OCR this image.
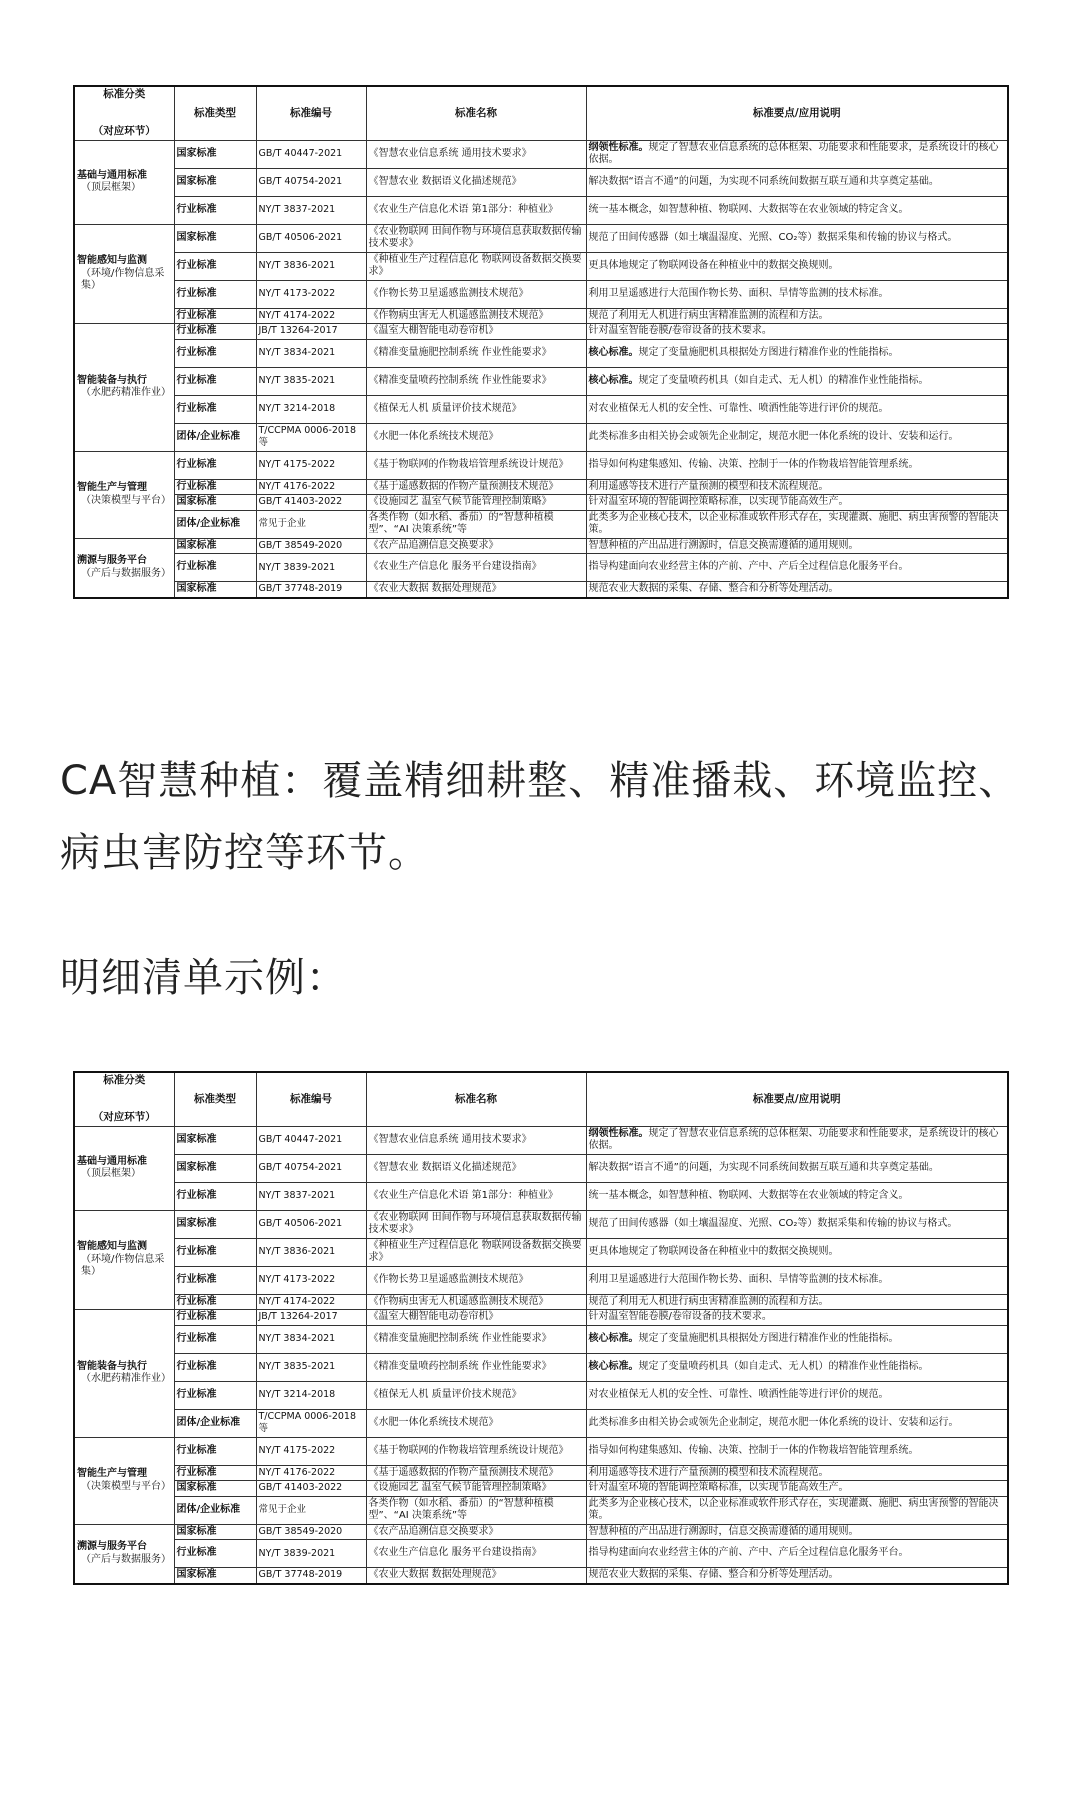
标准分类
（对应环节）	标准类型	标准编号	标准名称	标准要点/应用说明

基础与通用标准
（顶层框架）	国家标准	GB/T 40447-2021	《智慧农业信息系统 通用技术要求》	纲领性标准。规定了智慧农业信息系统的总体框架、功能要求和性能要求，是系统设计的核心依据。
	国家标准	GB/T 40754-2021	《智慧农业 数据语义化描述规范》	解决数据“语言不通”的问题，为实现不同系统间数据互联互通和共享奠定基础。
	行业标准	NY/T 3837-2021	《农业生产信息化术语 第1部分：种植业》	统一基本概念，如智慧种植、物联网、大数据等在农业领域的特定含义。

智能感知与监测
（环境/作物信息采集）	国家标准	GB/T 40506-2021	《农业物联网 田间作物与环境信息获取数据传输技术要求》	规范了田间传感器（如土壤温湿度、光照、CO₂等）数据采集和传输的协议与格式。
	行业标准	NY/T 3836-2021	《种植业生产过程信息化 物联网设备数据交换要求》	更具体地规定了物联网设备在种植业中的数据交换规则。
	行业标准	NY/T 4173-2022	《作物长势卫星遥感监测技术规范》	利用卫星遥感进行大范围作物长势、面积、旱情等监测的技术标准。
	行业标准	NY/T 4174-2022	《作物病虫害无人机遥感监测技术规范》	规范了利用无人机进行病虫害精准监测的流程和方法。

智能装备与执行
（水肥药精准作业）	行业标准	JB/T 13264-2017	《温室大棚智能电动卷帘机》	针对温室智能卷膜/卷帘设备的技术要求。
	行业标准	NY/T 3834-2021	《精准变量施肥控制系统 作业性能要求》	核心标准。规定了变量施肥机具根据处方图进行精准作业的性能指标。
	行业标准	NY/T 3835-2021	《精准变量喷药控制系统 作业性能要求》	核心标准。规定了变量喷药机具（如自走式、无人机）的精准作业性能指标。
	行业标准	NY/T 3214-2018	《植保无人机 质量评价技术规范》	对农业植保无人机的安全性、可靠性、喷洒性能等进行评价的规范。
	团体/企业标准	T/CCPMA 0006-2018 等	《水肥一体化系统技术规范》	此类标准多由相关协会或领先企业制定，规范水肥一体化系统的设计、安装和运行。

智能生产与管理
（决策模型与平台）	行业标准	NY/T 4175-2022	《基于物联网的作物栽培管理系统设计规范》	指导如何构建集感知、传输、决策、控制于一体的作物栽培智能管理系统。
	行业标准	NY/T 4176-2022	《基于遥感数据的作物产量预测技术规范》	利用遥感等技术进行产量预测的模型和技术流程规范。
	国家标准	GB/T 41403-2022	《设施园艺 温室气候节能管理控制策略》	针对温室环境的智能调控策略标准，以实现节能高效生产。
	团体/企业标准	常见于企业	各类作物（如水稻、番茄）的“智慧种植模型”、“AI 决策系统”等	此类多为企业核心技术，以企业标准或软件形式存在，实现灌溉、施肥、病虫害预警的智能决策。

溯源与服务平台
（产后与数据服务）	国家标准	GB/T 38549-2020	《农产品追溯信息交换要求》	智慧种植的产出品进行溯源时，信息交换需遵循的通用规则。
	行业标准	NY/T 3839-2021	《农业生产信息化 服务平台建设指南》	指导构建面向农业经营主体的产前、产中、产后全过程信息化服务平台。
	国家标准	GB/T 37748-2019	《农业大数据 数据处理规范》	规范农业大数据的采集、存储、整合和分析等处理活动。

CA智慧种植：覆盖精细耕整、精准播栽、环境监控、病虫害防控等环节。

明细清单示例：

标准分类
（对应环节）	标准类型	标准编号	标准名称	标准要点/应用说明

基础与通用标准
（顶层框架）	国家标准	GB/T 40447-2021	《智慧农业信息系统 通用技术要求》	纲领性标准。规定了智慧农业信息系统的总体框架、功能要求和性能要求，是系统设计的核心依据。
	国家标准	GB/T 40754-2021	《智慧农业 数据语义化描述规范》	解决数据“语言不通”的问题，为实现不同系统间数据互联互通和共享奠定基础。
	行业标准	NY/T 3837-2021	《农业生产信息化术语 第1部分：种植业》	统一基本概念，如智慧种植、物联网、大数据等在农业领域的特定含义。

智能感知与监测
（环境/作物信息采集）	国家标准	GB/T 40506-2021	《农业物联网 田间作物与环境信息获取数据传输技术要求》	规范了田间传感器（如土壤温湿度、光照、CO₂等）数据采集和传输的协议与格式。
	行业标准	NY/T 3836-2021	《种植业生产过程信息化 物联网设备数据交换要求》	更具体地规定了物联网设备在种植业中的数据交换规则。
	行业标准	NY/T 4173-2022	《作物长势卫星遥感监测技术规范》	利用卫星遥感进行大范围作物长势、面积、旱情等监测的技术标准。
	行业标准	NY/T 4174-2022	《作物病虫害无人机遥感监测技术规范》	规范了利用无人机进行病虫害精准监测的流程和方法。

智能装备与执行
（水肥药精准作业）	行业标准	JB/T 13264-2017	《温室大棚智能电动卷帘机》	针对温室智能卷膜/卷帘设备的技术要求。
	行业标准	NY/T 3834-2021	《精准变量施肥控制系统 作业性能要求》	核心标准。规定了变量施肥机具根据处方图进行精准作业的性能指标。
	行业标准	NY/T 3835-2021	《精准变量喷药控制系统 作业性能要求》	核心标准。规定了变量喷药机具（如自走式、无人机）的精准作业性能指标。
	行业标准	NY/T 3214-2018	《植保无人机 质量评价技术规范》	对农业植保无人机的安全性、可靠性、喷洒性能等进行评价的规范。
	团体/企业标准	T/CCPMA 0006-2018 等	《水肥一体化系统技术规范》	此类标准多由相关协会或领先企业制定，规范水肥一体化系统的设计、安装和运行。

智能生产与管理
（决策模型与平台）	行业标准	NY/T 4175-2022	《基于物联网的作物栽培管理系统设计规范》	指导如何构建集感知、传输、决策、控制于一体的作物栽培智能管理系统。
	行业标准	NY/T 4176-2022	《基于遥感数据的作物产量预测技术规范》	利用遥感等技术进行产量预测的模型和技术流程规范。
	国家标准	GB/T 41403-2022	《设施园艺 温室气候节能管理控制策略》	针对温室环境的智能调控策略标准，以实现节能高效生产。
	团体/企业标准	常见于企业	各类作物（如水稻、番茄）的“智慧种植模型”、“AI 决策系统”等	此类多为企业核心技术，以企业标准或软件形式存在，实现灌溉、施肥、病虫害预警的智能决策。

溯源与服务平台
（产后与数据服务）	国家标准	GB/T 38549-2020	《农产品追溯信息交换要求》	智慧种植的产出品进行溯源时，信息交换需遵循的通用规则。
	行业标准	NY/T 3839-2021	《农业生产信息化 服务平台建设指南》	指导构建面向农业经营主体的产前、产中、产后全过程信息化服务平台。
	国家标准	GB/T 37748-2019	《农业大数据 数据处理规范》	规范农业大数据的采集、存储、整合和分析等处理活动。
